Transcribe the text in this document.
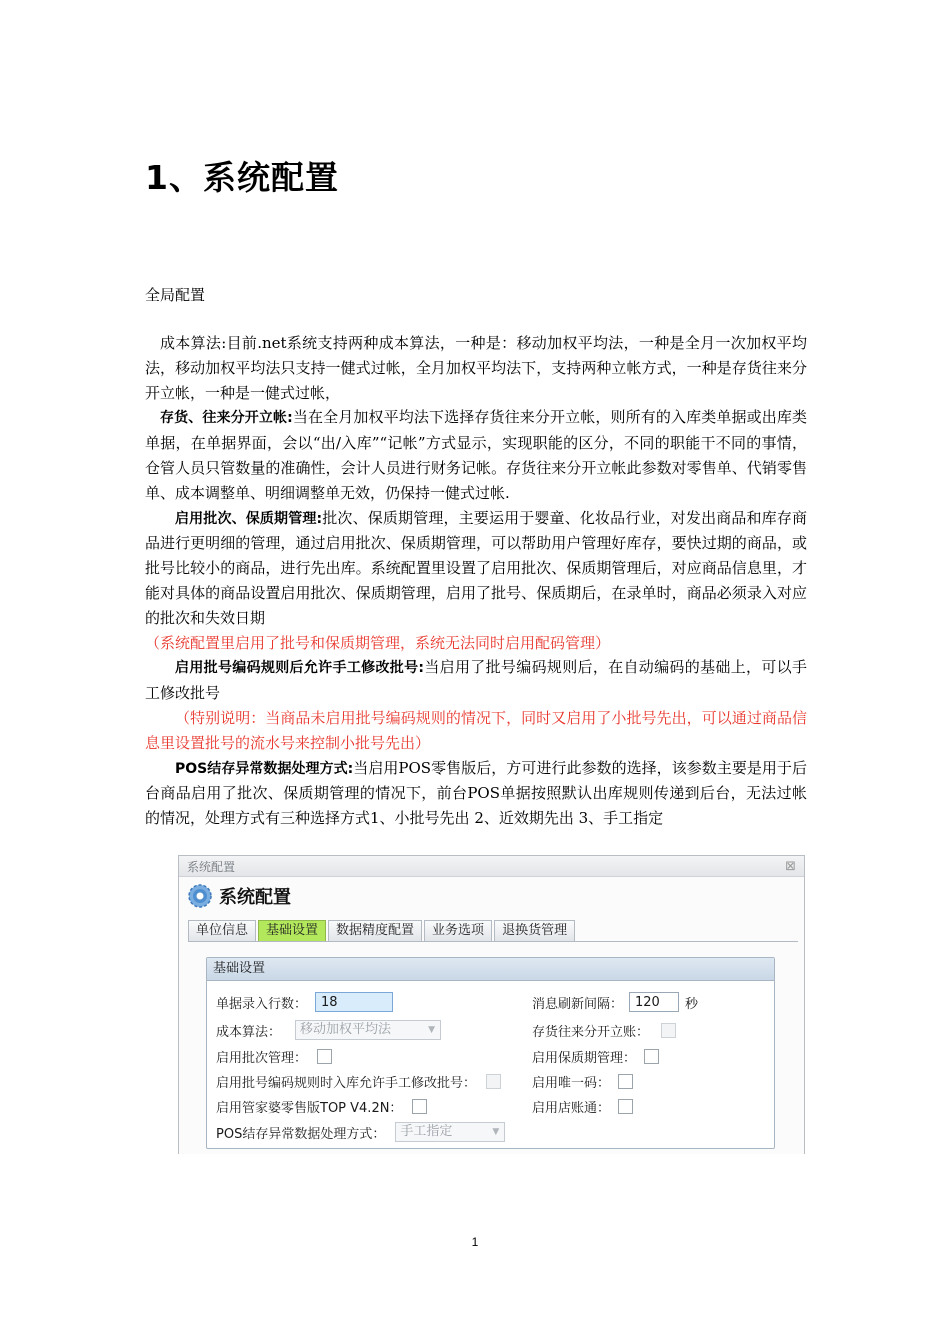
1、系统配置
全局配置

成本算法:目前.net系统支持两种成本算法，一种是：移动加权平均法，一种是全月一次加权平均法，移动加权平均法只支持一健式过帐，全月加权平均法下，支持两种立帐方式，一种是存货往来分开立帐，一种是一健式过帐，

存货、往来分开立帐:当在全月加权平均法下选择存货往来分开立帐，则所有的入库类单据或出库类单据，在单据界面，会以“出/入库”“记帐”方式显示，实现职能的区分，不同的职能干不同的事情，仓管人员只管数量的准确性，会计人员进行财务记帐。存货往来分开立帐此参数对零售单、代销零售单、成本调整单、明细调整单无效，仍保持一健式过帐.

启用批次、保质期管理:批次、保质期管理，主要运用于婴童、化妆品行业，对发出商品和库存商品进行更明细的管理，通过启用批次、保质期管理，可以帮助用户管理好库存，要快过期的商品，或批号比较小的商品，进行先出库。系统配置里设置了启用批次、保质期管理后，对应商品信息里，才能对具体的商品设置启用批次、保质期管理，启用了批号、保质期后，在录单时，商品必须录入对应的批次和失效日期

（系统配置里启用了批号和保质期管理，系统无法同时启用配码管理）

启用批号编码规则后允许手工修改批号:当启用了批号编码规则后，在自动编码的基础上，可以手工修改批号

（特别说明：当商品未启用批号编码规则的情况下，同时又启用了小批号先出，可以通过商品信息里设置批号的流水号来控制小批号先出）

POS结存异常数据处理方式:当启用POS零售版后，方可进行此参数的选择，该参数主要是用于后台商品启用了批次、保质期管理的情况下，前台POS单据按照默认出库规则传递到后台，无法过帐的情况，处理方式有三种选择方式1、小批号先出 2、近效期先出 3、手工指定

系统配置	⊠
系统配置
单位信息	基础设置	数据精度配置	业务选项	退换货管理
基础设置
单据录入行数：	18	消息刷新间隔： 120	秒
成本算法：	移动加权平均法	▼	存货往来分开立账：
启用批次管理：	启用保质期管理：
启用批号编码规则时入库允许手工修改批号：	启用唯一码：
启用管家婆零售版TOP V4.2N：	启用店账通：
POS结存异常数据处理方式：	手工指定	▼
1
